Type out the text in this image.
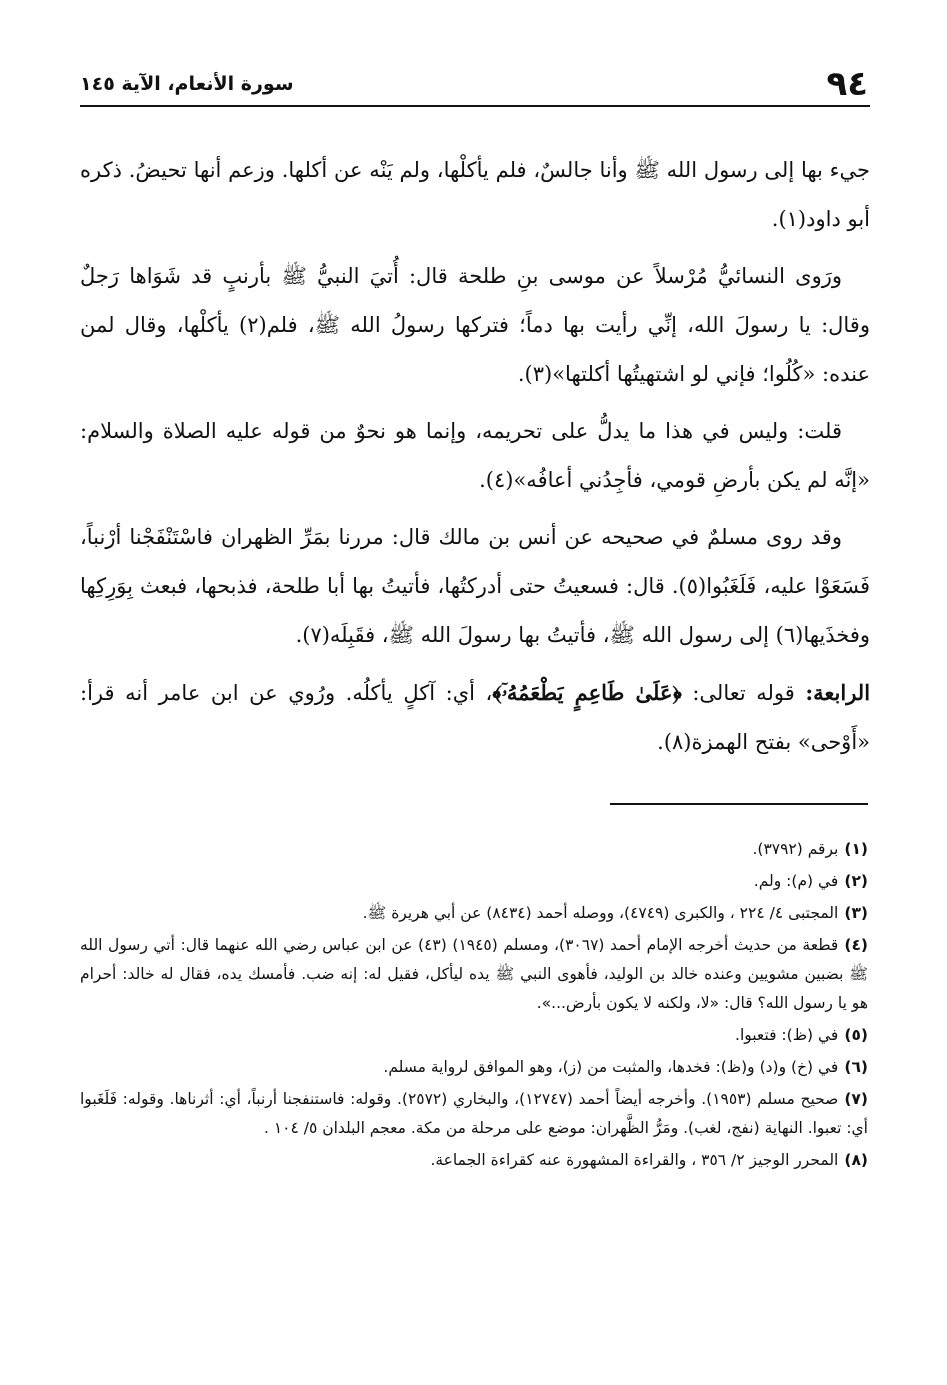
٩٤
سورة الأنعام، الآية ١٤٥

جيء بها إلى رسول الله ﷺ وأنا جالسٌ، فلم يأكلْها، ولم يَنْه عن أكلها. وزعم أنها تحيضُ. ذكره أبو داود(١).

ورَوى النسائيُّ مُرْسلاً عن موسى بنِ طلحة قال: أُتيَ النبيُّ ﷺ بأرنبٍ قد شَوَاها رَجلٌ وقال: يا رسولَ الله، إنِّي رأيت بها دماً؛ فتركها رسولُ الله ﷺ، فلم(٢) يأكلْها، وقال لمن عنده: «كُلُوا؛ فإني لو اشتهيتُها أكلتها»(٣).

قلت: وليس في هذا ما يدلُّ على تحريمه، وإنما هو نحوٌ من قوله عليه الصلاة والسلام: «إنَّه لم يكن بأرضِ قومي، فأجِدُني أعافُه»(٤).

وقد روى مسلمٌ في صحيحه عن أنس بن مالك قال: مررنا بمَرِّ الظهران فاسْتَنْفَجْنا أرْنباً، فَسَعَوْا عليه، فَلَغَبُوا(٥). قال: فسعيتُ حتى أدركتُها، فأتيتُ بها أبا طلحة، فذبحها، فبعث بِوَرِكِها وفخذَيها(٦) إلى رسول الله ﷺ، فأتيتُ بها رسولَ الله ﷺ، فقَبِلَه(٧).

الرابعة: قوله تعالى: ﴿عَلَىٰ طَاعِمٍ يَطْعَمُهُۥٓ﴾، أي: آكلٍ يأكلُه. ورُوي عن ابن عامر أنه قرأ: «أَوْحى» بفتح الهمزة(٨).

(١)برقم (٣٧٩٢).

(٢)في (م): ولم.

(٣)المجتبى ٤/ ٢٢٤ ، والكبرى (٤٧٤٩)، ووصله أحمد (٨٤٣٤) عن أبي هريرة ﷺ.

(٤)قطعة من حديث أخرجه الإمام أحمد (٣٠٦٧)، ومسلم (١٩٤٥) (٤٣) عن ابن عباس رضي الله عنهما قال: أتي رسول الله ﷺ بضبين مشويين وعنده خالد بن الوليد، فأهوى النبي ﷺ يده ليأكل، فقيل له: إنه ضب. فأمسك يده، فقال له خالد: أحرام هو يا رسول الله؟ قال: «لا، ولكنه لا يكون بأرض...».

(٥)في (ظ): فتعبوا.

(٦)في (خ) و(د) و(ظ): فخدها، والمثبت من (ز)، وهو الموافق لرواية مسلم.

(٧)صحيح مسلم (١٩٥٣). وأخرجه أيضاً أحمد (١٢٧٤٧)، والبخاري (٢٥٧٢). وقوله: فاستنفجنا أرنباً، أي: أثرناها. وقوله: فَلَغَبوا أي: تعبوا. النهاية (نفج، لغب). ومَرُّ الظَّهران: موضع على مرحلة من مكة. معجم البلدان ٥/ ١٠٤ .

(٨)المحرر الوجيز ٢/ ٣٥٦ ، والقراءة المشهورة عنه كقراءة الجماعة.
